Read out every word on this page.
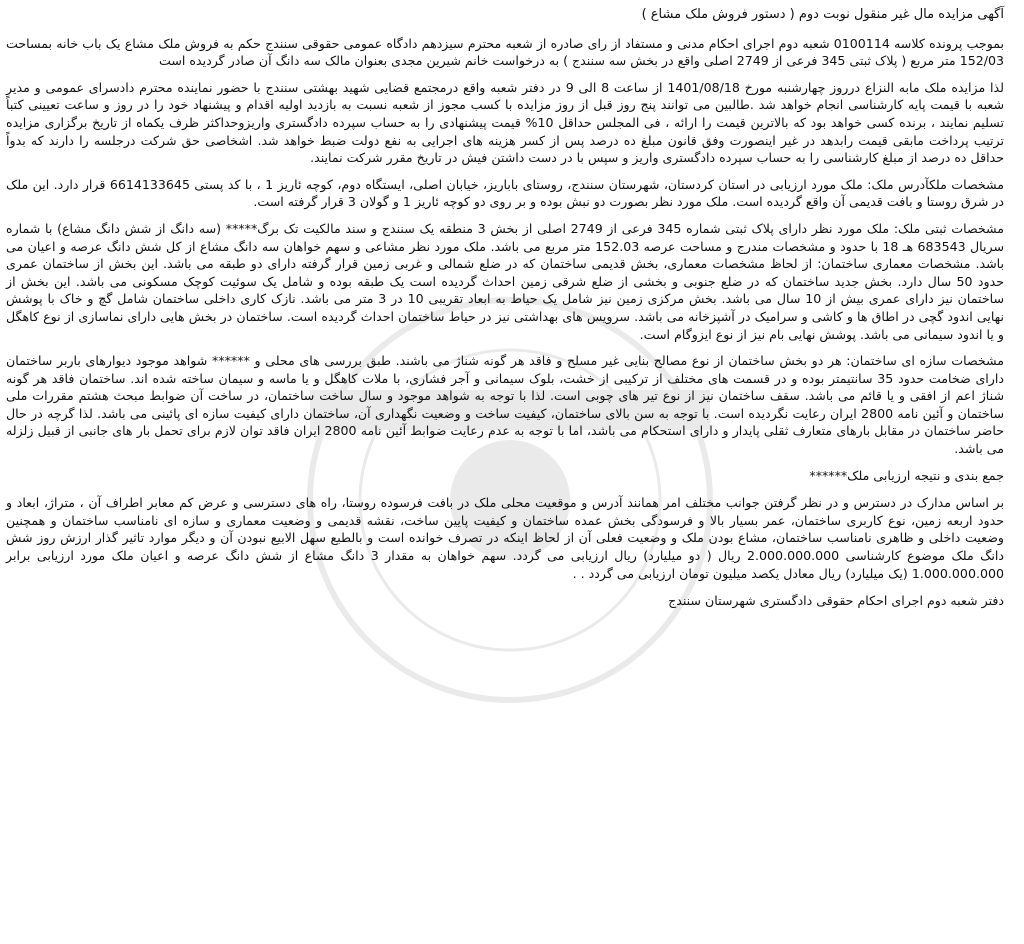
آگهی مزایده مال غیر منقول نوبت دوم ( دستور فروش ملک مشاع )

بموجب پرونده کلاسه 0100114 شعبه دوم اجرای احکام مدنی و مستفاد از رای صادره از شعبه محترم سیزدهم دادگاه عمومی حقوقی سنندج حکم به فروش ملک مشاع یک باب خانه بمساحت 152/03 متر مربع ( پلاک ثبتی 345 فرعی از 2749 اصلی واقع در بخش سه سنندج ) به درخواست خانم شیرین مجدی بعنوان مالک سه دانگ آن صادر گردیده است

لذا مزایده ملک مابه النزاع درروز چهارشنبه مورخ 1401/08/18 از ساعت 8 الی 9 در دفتر شعبه واقع درمجتمع قضایی شهید بهشتی سنندج با حضور نماینده محترم دادسرای عمومی و مدیر شعبه با قیمت پایه کارشناسی انجام خواهد شد .طالبین می توانند پنج روز قبل از روز مزایده با کسب مجوز از شعبه نسبت به بازدید اولیه اقدام و پیشنهاد خود را در روز و ساعت تعیینی کتباً تسلیم نمایند ، برنده کسی خواهد بود که بالاترین قیمت را ارائه ، فی المجلس حداقل 10% قیمت پیشنهادی را به حساب سپرده دادگستری واریزوحداکثر ظرف یکماه از تاریخ برگزاری مزایده ترتیب پرداخت مابقی قیمت رابدهد در غیر اینصورت وفق قانون مبلغ ده درصد پس از کسر هزینه های اجرایی به نفع دولت ضبط خواهد شد. اشخاصی حق شرکت درجلسه را دارند که بدواً حداقل ده درصد از مبلغ کارشناسی را به حساب سپرده دادگستری واریز و سپس با در دست داشتن فیش در تاریخ مقرر شرکت نمایند.

مشخصات ملکآدرس ملک: ملک مورد ارزیابی در استان کردستان، شهرستان سنندج، روستای باباریز، خیابان اصلی، ایستگاه دوم، کوچه ئاریز 1 ، با کد پستی 6614133645 قرار دارد. این ملک در شرق روستا و بافت قدیمی آن واقع گردیده است. ملک مورد نظر بصورت دو نبش بوده و بر روی دو کوچه ئاریز 1 و گولان 3 قرار گرفته است.

مشخصات ثبتی ملک: ملک مورد نظر دارای پلاک ثبتی شماره 345 فرعی از 2749 اصلی از بخش 3 منطقه یک سنندج و سند مالکیت تک برگ***** (سه دانگ از شش دانگ مشاع) با شماره سریال 683543 هـ 18 با حدود و مشخصات مندرج و مساحت عرصه 152.03 متر مربع می باشد. ملک مورد نظر مشاعی و سهم خواهان سه دانگ مشاع از کل شش دانگ عرصه و اعیان می باشد. مشخصات معماری ساختمان: از لحاظ مشخصات معماری، بخش قدیمی ساختمان که در ضلع شمالی و غربی زمین قرار گرفته دارای دو طبقه می باشد. این بخش از ساختمان عمری حدود 50 سال دارد. بخش جدید ساختمان که در ضلع جنوبی و بخشی از ضلع شرقی زمین احداث گردیده است یک طبقه بوده و شامل یک سوئیت کوچک مسکونی می باشد. این بخش از ساختمان نیز دارای عمری بیش از 10 سال می باشد. بخش مرکزی زمین نیز شامل یک حیاط به ابعاد تقریبی 10 در 3 متر می باشد. نازک کاری داخلی ساختمان شامل گچ و خاک با پوشش نهایی اندود گچی در اطاق ها و کاشی و سرامیک در آشپزخانه می باشد. سرویس های بهداشتی نیز در حیاط ساختمان احداث گردیده است. ساختمان در بخش هایی دارای نماسازی از نوع کاهگل و یا اندود سیمانی می باشد. پوشش نهایی بام نیز از نوع ایزوگام است.

مشخصات سازه ای ساختمان: هر دو بخش ساختمان از نوع مصالح بنایی غیر مسلح و فاقد هر گونه شناژ می باشند. طبق بررسی های محلی و ****** شواهد موجود دیوارهای باربر ساختمان دارای ضخامت حدود 35 سانتیمتر بوده و در قسمت های مختلف از ترکیبی از خشت، بلوک سیمانی و آجر فشاری، با ملات کاهگل و یا ماسه و سیمان ساخته شده اند. ساختمان فاقد هر گونه شناژ اعم از افقی و یا قائم می باشد. سقف ساختمان نیز از نوع تیر های چوبی است. لذا با توجه به شواهد موجود و سال ساخت ساختمان، در ساخت آن ضوابط مبحث هشتم مقررات ملی ساختمان و آئین نامه 2800 ایران رعایت نگردیده است. با توجه به سن بالای ساختمان، کیفیت ساخت و وضعیت نگهداری آن، ساختمان دارای کیفیت سازه ای پائینی می باشد. لذا گرچه در حال حاضر ساختمان در مقابل بارهای متعارف ثقلی پایدار و دارای استحکام می باشد، اما با توجه به عدم رعایت ضوابط آئین نامه 2800 ایران فاقد توان لازم برای تحمل بار های جانبی از قبیل زلزله می باشد.

جمع بندی و نتیجه ارزیابی ملک******

بر اساس مدارک در دسترس و در نظر گرفتن جوانب مختلف امر همانند آدرس و موقعیت محلی ملک در بافت فرسوده روستا، راه های دسترسی و عرض کم معابر اطراف آن ، متراژ، ابعاد و حدود اربعه زمین، نوع کاربری ساختمان، عمر بسیار بالا و فرسودگی بخش عمده ساختمان و کیفیت پایین ساخت، نقشه قدیمی و وضعیت معماری و سازه ای نامناسب ساختمان و همچنین وضعیت داخلی و ظاهری نامناسب ساختمان، مشاع بودن ملک و وضعیت فعلی آن از لحاظ اینکه در تصرف خوانده است و بالطبع سهل الابیع نبودن آن و دیگر موارد تاثیر گذار ارزش روز شش دانگ ملک موضوع کارشناسی 2.000.000.000 ریال ( دو میلیارد) ریال ارزیابی می گردد. سهم خواهان به مقدار 3 دانگ مشاع از شش دانگ عرصه و اعیان ملک مورد ارزیابی برابر 1.000.000.000 (یک میلیارد) ریال معادل یکصد میلیون تومان ارزیابی می گردد . .

دفتر شعبه دوم اجرای احکام حقوقی دادگستری شهرستان سنندج
